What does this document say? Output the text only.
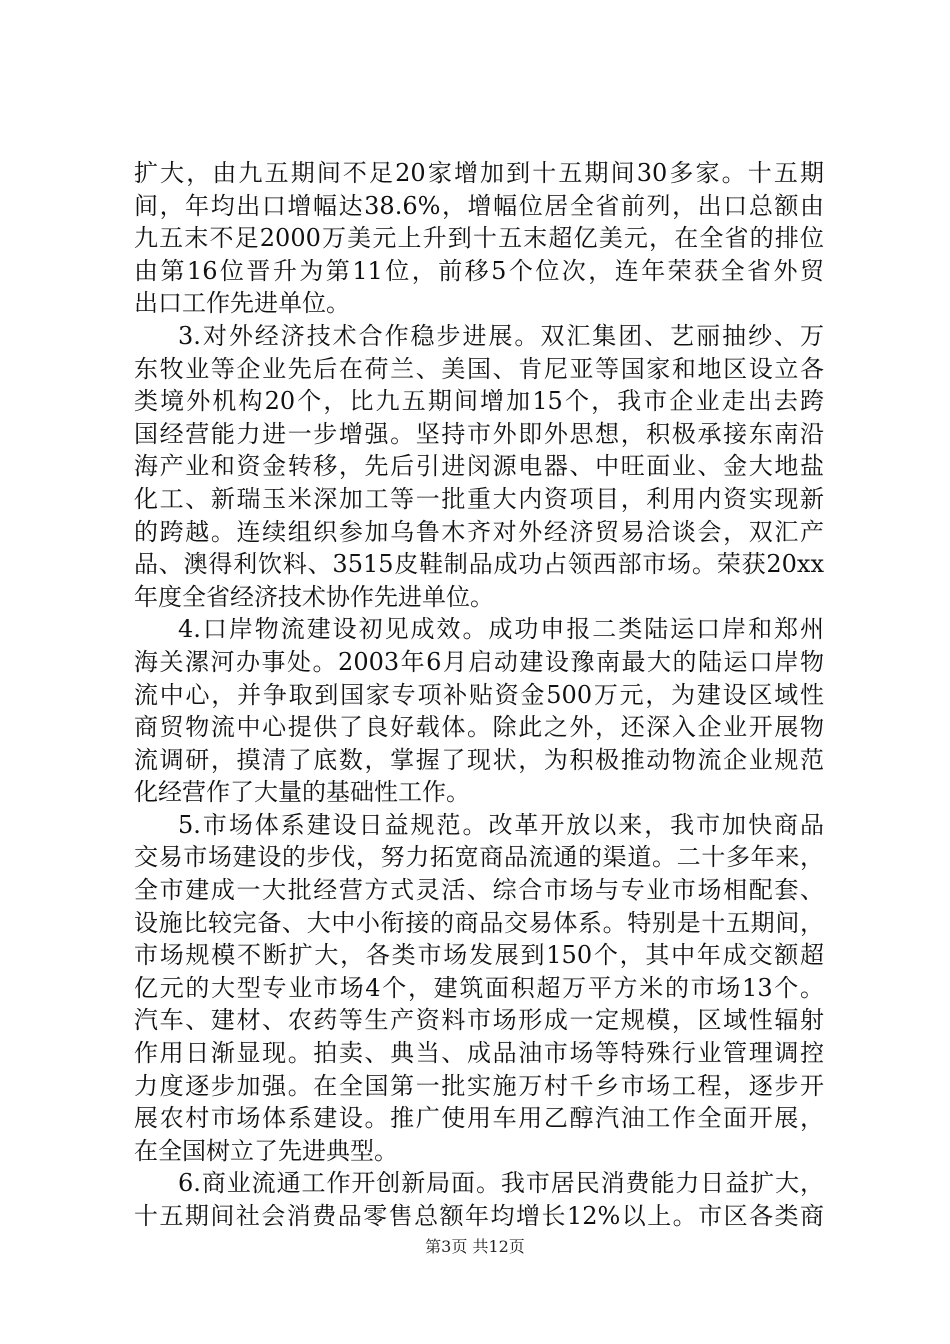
扩大，由九五期间不足20家增加到十五期间30多家。十五期
间，年均出口增幅达38.6%，增幅位居全省前列，出口总额由
九五末不足2000万美元上升到十五末超亿美元，在全省的排位
由第16位晋升为第11位，前移5个位次，连年荣获全省外贸
出口工作先进单位。
3.对外经济技术合作稳步进展。双汇集团、艺丽抽纱、万
东牧业等企业先后在荷兰、美国、肯尼亚等国家和地区设立各
类境外机构20个，比九五期间增加15个，我市企业走出去跨
国经营能力进一步增强。坚持市外即外思想，积极承接东南沿
海产业和资金转移，先后引进闵源电器、中旺面业、金大地盐
化工、新瑞玉米深加工等一批重大内资项目，利用内资实现新
的跨越。连续组织参加乌鲁木齐对外经济贸易洽谈会，双汇产
品、澳得利饮料、3515皮鞋制品成功占领西部市场。荣获20xx
年度全省经济技术协作先进单位。
4.口岸物流建设初见成效。成功申报二类陆运口岸和郑州
海关漯河办事处。2003年6月启动建设豫南最大的陆运口岸物
流中心，并争取到国家专项补贴资金500万元，为建设区域性
商贸物流中心提供了良好载体。除此之外，还深入企业开展物
流调研，摸清了底数，掌握了现状，为积极推动物流企业规范
化经营作了大量的基础性工作。
5.市场体系建设日益规范。改革开放以来，我市加快商品
交易市场建设的步伐，努力拓宽商品流通的渠道。二十多年来，
全市建成一大批经营方式灵活、综合市场与专业市场相配套、
设施比较完备、大中小衔接的商品交易体系。特别是十五期间，
市场规模不断扩大，各类市场发展到150个，其中年成交额超
亿元的大型专业市场4个，建筑面积超万平方米的市场13个。
汽车、建材、农药等生产资料市场形成一定规模，区域性辐射
作用日渐显现。拍卖、典当、成品油市场等特殊行业管理调控
力度逐步加强。在全国第一批实施万村千乡市场工程，逐步开
展农村市场体系建设。推广使用车用乙醇汽油工作全面开展，
在全国树立了先进典型。
6.商业流通工作开创新局面。我市居民消费能力日益扩大，
十五期间社会消费品零售总额年均增长12%以上。市区各类商
第3页 共12页
